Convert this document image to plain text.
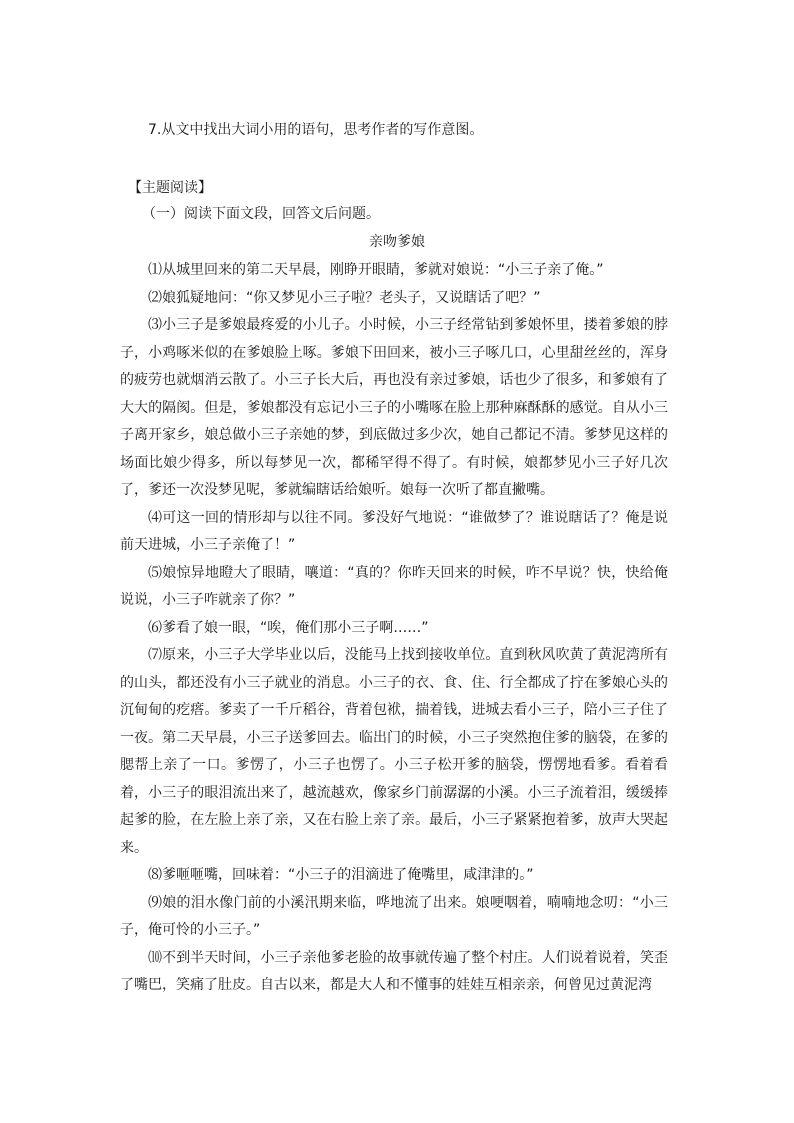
7.从文中找出大词小用的语句，思考作者的写作意图。
【主题阅读】
（一）阅读下面文段，回答文后问题。
亲吻爹娘

⑴从城里回来的第二天早晨，刚睁开眼睛，爹就对娘说：“小三子亲了俺。”

⑵娘狐疑地问：“你又梦见小三子啦？老头子，又说瞎话了吧？”

⑶小三子是爹娘最疼爱的小儿子。小时候，小三子经常钻到爹娘怀里，搂着爹娘的脖子，小鸡啄米似的在爹娘脸上啄。爹娘下田回来，被小三子啄几口，心里甜丝丝的，浑身的疲劳也就烟消云散了。小三子长大后，再也没有亲过爹娘，话也少了很多，和爹娘有了大大的隔阂。但是，爹娘都没有忘记小三子的小嘴啄在脸上那种麻酥酥的感觉。自从小三子离开家乡，娘总做小三子亲她的梦，到底做过多少次，她自己都记不清。爹梦见这样的场面比娘少得多，所以每梦见一次，都稀罕得不得了。有时候，娘都梦见小三子好几次了，爹还一次没梦见呢，爹就编瞎话给娘听。娘每一次听了都直撇嘴。

⑷可这一回的情形却与以往不同。爹没好气地说：“谁做梦了？谁说瞎话了？俺是说前天进城，小三子亲俺了！”

⑸娘惊异地瞪大了眼睛，嚷道：“真的？你昨天回来的时候，咋不早说？快，快给俺说说，小三子咋就亲了你？”

⑹爹看了娘一眼，“唉，俺们那小三子啊……”

⑺原来，小三子大学毕业以后，没能马上找到接收单位。直到秋风吹黄了黄泥湾所有的山头，都还没有小三子就业的消息。小三子的衣、食、住、行全都成了拧在爹娘心头的沉甸甸的疙瘩。爹卖了一千斤稻谷，背着包袱，揣着钱，进城去看小三子，陪小三子住了一夜。第二天早晨，小三子送爹回去。临出门的时候，小三子突然抱住爹的脑袋，在爹的腮帮上亲了一口。爹愣了，小三子也愣了。小三子松开爹的脑袋，愣愣地看爹。看着看着，小三子的眼泪流出来了，越流越欢，像家乡门前潺潺的小溪。小三子流着泪，缓缓捧起爹的脸，在左脸上亲了亲，又在右脸上亲了亲。最后，小三子紧紧抱着爹，放声大哭起来。

⑻爹咂咂嘴，回味着：“小三子的泪滴进了俺嘴里，咸津津的。”

⑼娘的泪水像门前的小溪汛期来临，哗地流了出来。娘哽咽着，喃喃地念叨：“小三子，俺可怜的小三子。”

⑽不到半天时间，小三子亲他爹老脸的故事就传遍了整个村庄。人们说着说着，笑歪了嘴巴，笑痛了肚皮。自古以来，都是大人和不懂事的娃娃互相亲亲，何曾见过黄泥湾
